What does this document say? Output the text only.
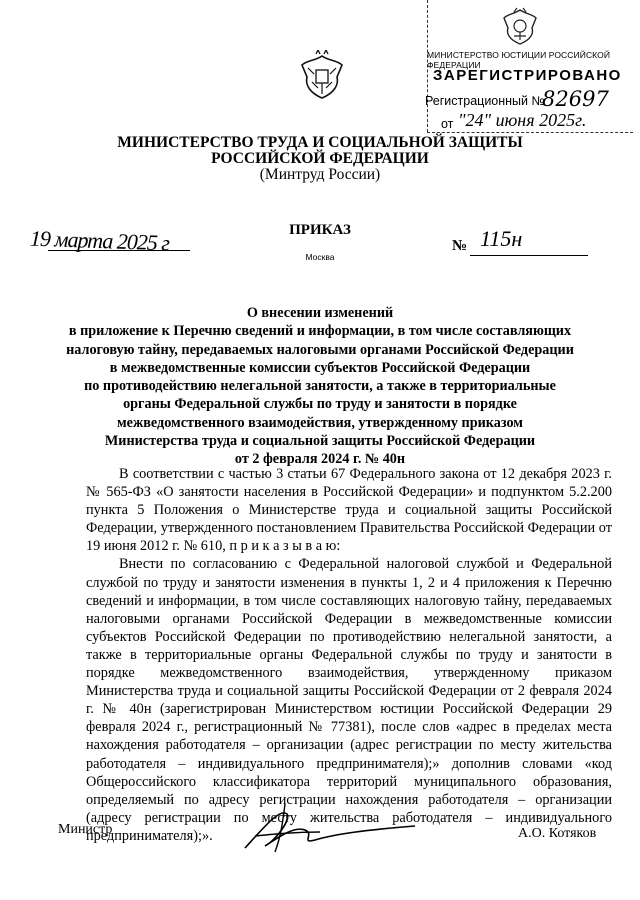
МИНИСТЕРСТВО ЮСТИЦИИ РОССИЙСКОЙ ФЕДЕРАЦИИ
ЗАРЕГИСТРИРОВАНО
Регистрационный №
82697
от "24" июня 2025г.
МИНИСТЕРСТВО ТРУДА И СОЦИАЛЬНОЙ ЗАЩИТЫ
РОССИЙСКОЙ ФЕДЕРАЦИИ
(Минтруд России)
ПРИКАЗ
19 марта 2025 г	№ 115н
Москва
О внесении изменений
в приложение к Перечню сведений и информации, в том числе составляющих
налоговую тайну, передаваемых налоговыми органами Российской Федерации
в межведомственные комиссии субъектов Российской Федерации
по противодействию нелегальной занятости, а также в территориальные
органы Федеральной службы по труду и занятости в порядке
межведомственного взаимодействия, утвержденному приказом
Министерства труда и социальной защиты Российской Федерации
от 2 февраля 2024 г. № 40н

В соответствии с частью 3 статьи 67 Федерального закона от 12 декабря 2023 г. № 565-ФЗ «О занятости населения в Российской Федерации» и подпунктом 5.2.200 пункта 5 Положения о Министерстве труда и социальной защиты Российской Федерации, утвержденного постановлением Правительства Российской Федерации от 19 июня 2012 г. № 610, п р и к а з ы в а ю:

Внести по согласованию с Федеральной налоговой службой и Федеральной службой по труду и занятости изменения в пункты 1, 2 и 4 приложения к Перечню сведений и информации, в том числе составляющих налоговую тайну, передаваемых налоговыми органами Российской Федерации в межведомственные комиссии субъектов Российской Федерации по противодействию нелегальной занятости, а также в территориальные органы Федеральной службы по труду и занятости в порядке межведомственного взаимодействия, утвержденному приказом Министерства труда и социальной защиты Российской Федерации от 2 февраля 2024 г. № 40н (зарегистрирован Министерством юстиции Российской Федерации 29 февраля 2024 г., регистрационный № 77381), после слов «адрес в пределах места нахождения работодателя – организации (адрес регистрации по месту жительства работодателя – индивидуального предпринимателя);» дополнив словами «код Общероссийского классификатора территорий муниципального образования, определяемый по адресу регистрации нахождения работодателя – организации (адресу регистрации по месту жительства работодателя – индивидуального предпринимателя);».

Министр	А.О. Котяков
